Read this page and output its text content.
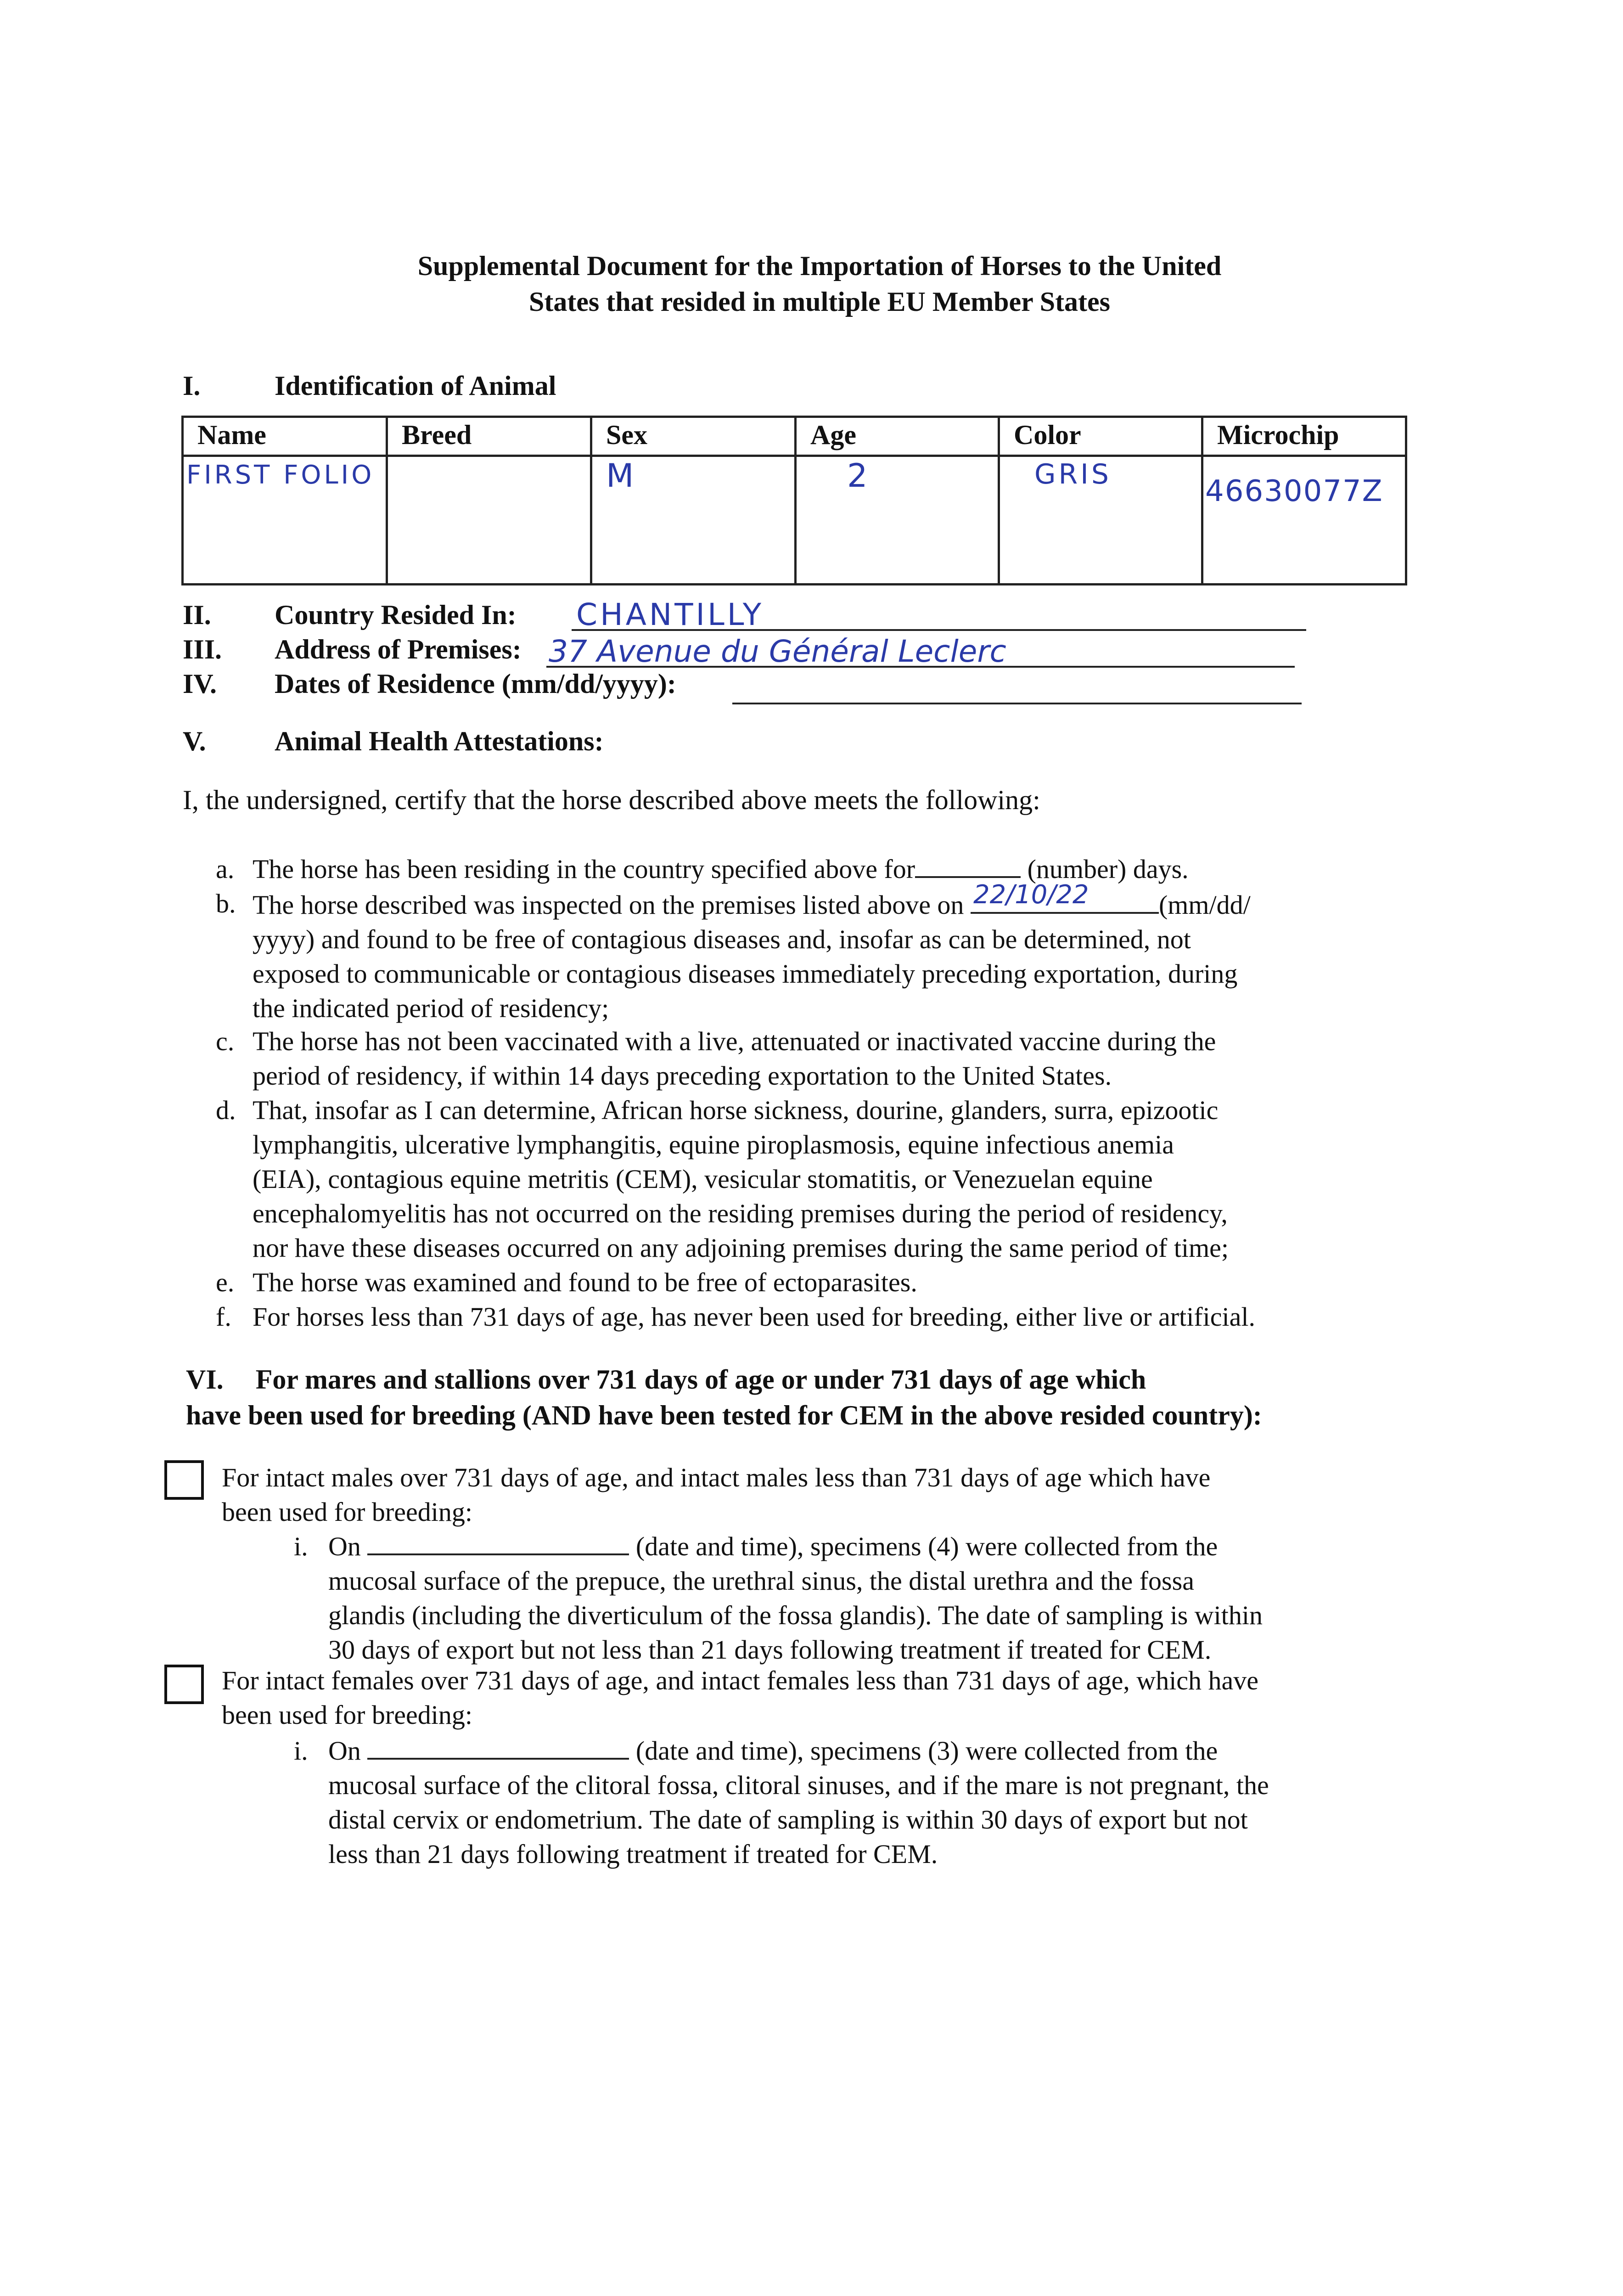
Supplemental Document for the Importation of Horses to the United
States that resided in multiple EU Member States
I.	Identification of Animal
Name	Breed	Sex	Age	Color	Microchip
FIRST FOLIO		M	2	GRIS	46630077Z
II. Country Resided In: CHANTILLY
III. Address of Premises: 37 Avenue du Général Leclerc
IV. Dates of Residence (mm/dd/yyyy):
V. Animal Health Attestations:
I, the undersigned, certify that the horse described above meets the following:
a. The horse has been residing in the country specified above for	(number) days.
b. The horse described was inspected on the premises listed above on 22/10/22	(mm/dd/
yyyy) and found to be free of contagious diseases and, insofar as can be determined, not
exposed to communicable or contagious diseases immediately preceding exportation, during
the indicated period of residency;
c. The horse has not been vaccinated with a live, attenuated or inactivated vaccine during the
period of residency, if within 14 days preceding exportation to the United States.
d. That, insofar as I can determine, African horse sickness, dourine, glanders, surra, epizootic
lymphangitis, ulcerative lymphangitis, equine piroplasmosis, equine infectious anemia
(EIA), contagious equine metritis (CEM), vesicular stomatitis, or Venezuelan equine
encephalomyelitis has not occurred on the residing premises during the period of residency,
nor have these diseases occurred on any adjoining premises during the same period of time;
e. The horse was examined and found to be free of ectoparasites.
f. For horses less than 731 days of age, has never been used for breeding, either live or artificial.
VI. For mares and stallions over 731 days of age or under 731 days of age which
have been used for breeding (AND have been tested for CEM in the above resided country):
For intact males over 731 days of age, and intact males less than 731 days of age which have
been used for breeding:
i. On	(date and time), specimens (4) were collected from the
mucosal surface of the prepuce, the urethral sinus, the distal urethra and the fossa
glandis (including the diverticulum of the fossa glandis). The date of sampling is within
30 days of export but not less than 21 days following treatment if treated for CEM.
For intact females over 731 days of age, and intact females less than 731 days of age, which have
been used for breeding:
i. On	(date and time), specimens (3) were collected from the
mucosal surface of the clitoral fossa, clitoral sinuses, and if the mare is not pregnant, the
distal cervix or endometrium. The date of sampling is within 30 days of export but not
less than 21 days following treatment if treated for CEM.
